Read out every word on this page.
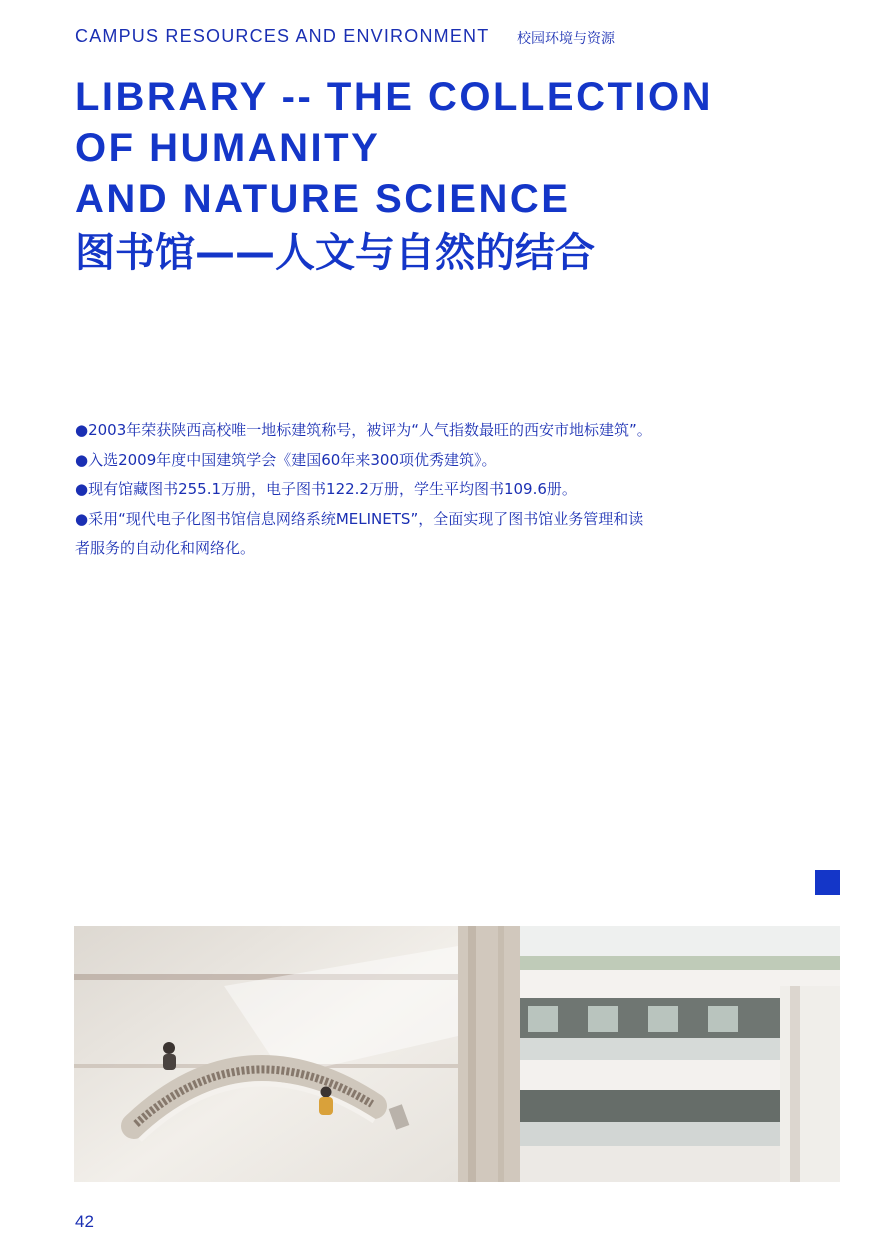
CAMPUS RESOURCES AND ENVIRONMENT 校园环境与资源
LIBRARY -- THE COLLECTION
OF HUMANITY
AND NATURE SCIENCE
图书馆——人文与自然的结合

●2003年荣获陕西高校唯一地标建筑称号，被评为“人气指数最旺的西安市地标建筑”。

●入选2009年度中国建筑学会《建国60年来300项优秀建筑》。

●现有馆藏图书255.1万册，电子图书122.2万册，学生平均图书109.6册。

●采用“现代电子化图书馆信息网络系统MELINETS”，全面实现了图书馆业务管理和读者服务的自动化和网络化。

42
